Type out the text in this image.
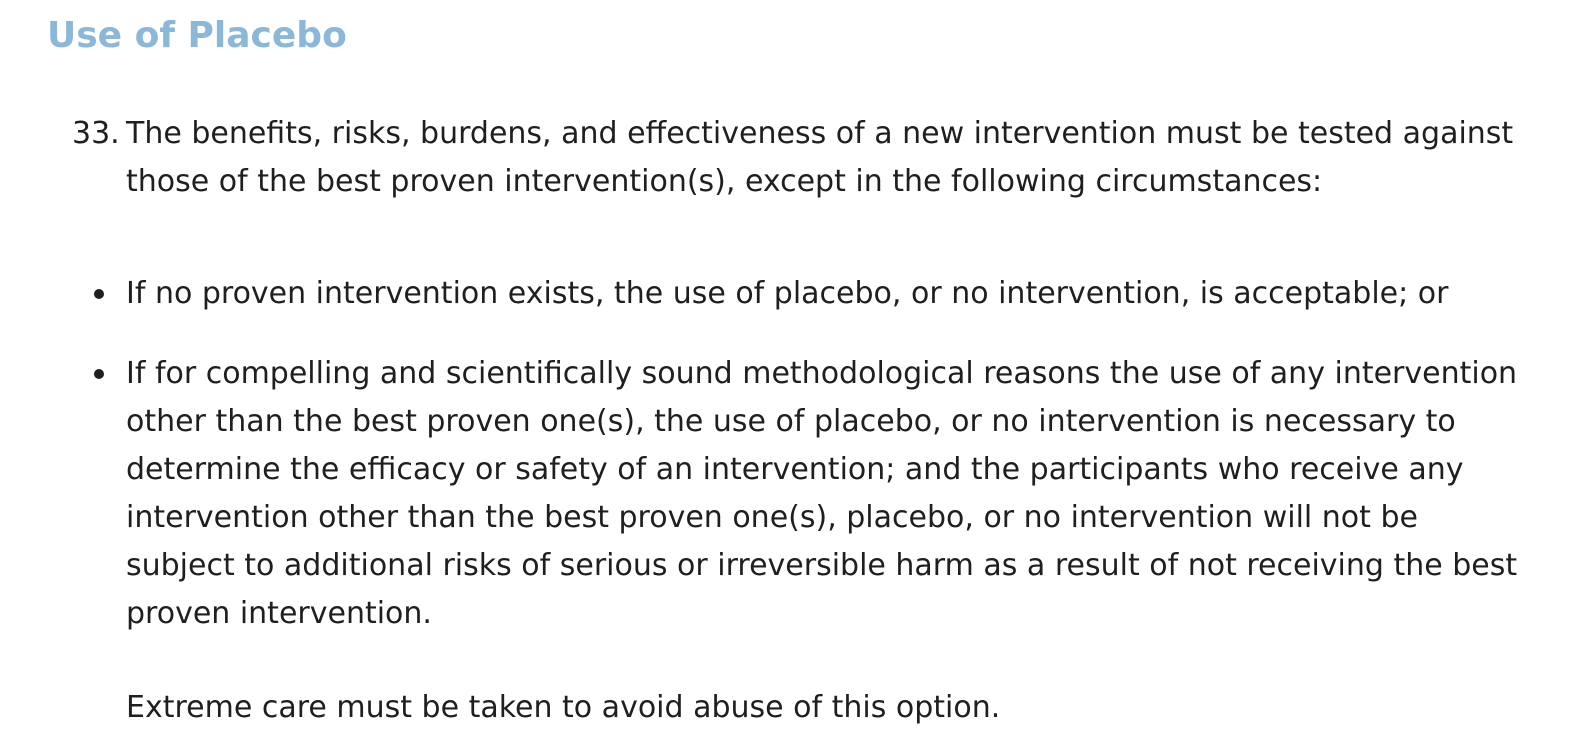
Use of Placebo
33. The benefits, risks, burdens, and effectiveness of a new intervention must be tested against
those of the best proven intervention(s), except in the following circumstances:

If no proven intervention exists, the use of placebo, or no intervention, is acceptable; or
If for compelling and scientifically sound methodological reasons the use of any intervention
other than the best proven one(s), the use of placebo, or no intervention is necessary to
determine the efficacy or safety of an intervention; and the participants who receive any
intervention other than the best proven one(s), placebo, or no intervention will not be
subject to additional risks of serious or irreversible harm as a result of not receiving the best
proven intervention.

Extreme care must be taken to avoid abuse of this option.
